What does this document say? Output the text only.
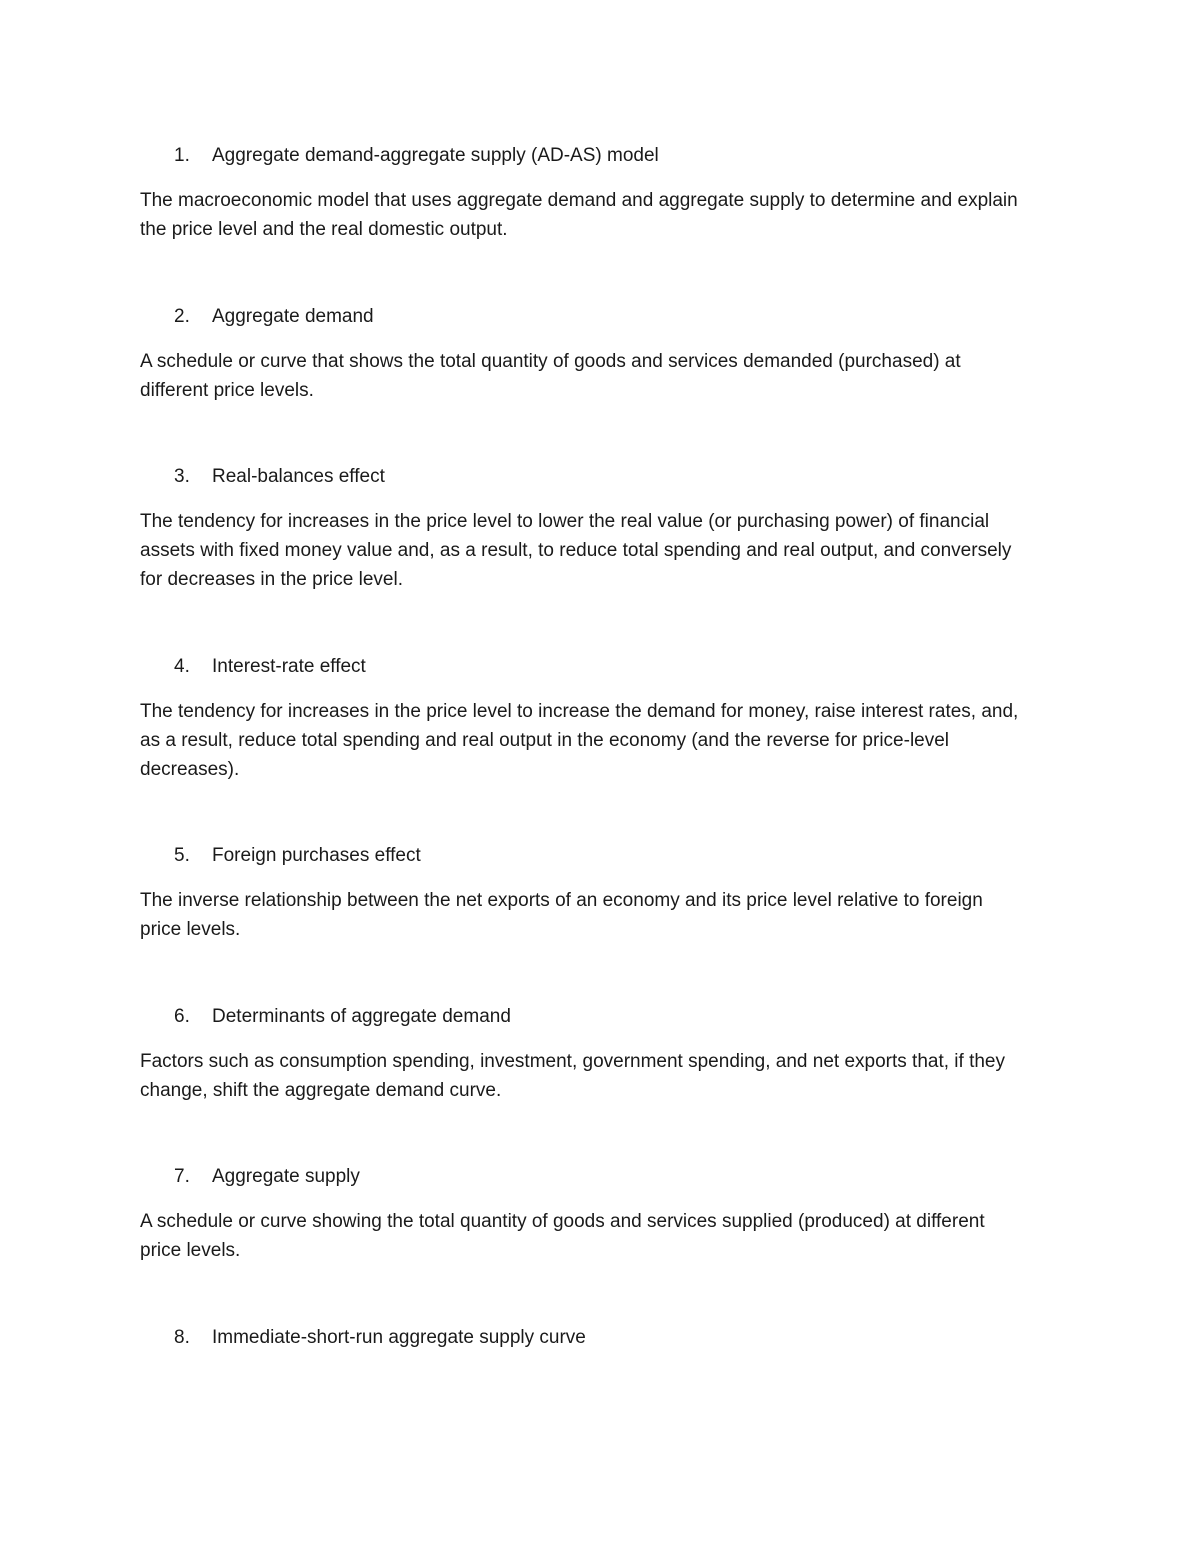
1. Aggregate demand-aggregate supply (AD-AS) model
The macroeconomic model that uses aggregate demand and aggregate supply to determine and explain
the price level and the real domestic output.
2. Aggregate demand
A schedule or curve that shows the total quantity of goods and services demanded (purchased) at
different price levels.
3. Real-balances effect
The tendency for increases in the price level to lower the real value (or purchasing power) of financial
assets with fixed money value and, as a result, to reduce total spending and real output, and conversely
for decreases in the price level.
4. Interest-rate effect
The tendency for increases in the price level to increase the demand for money, raise interest rates, and,
as a result, reduce total spending and real output in the economy (and the reverse for price-level
decreases).
5. Foreign purchases effect
The inverse relationship between the net exports of an economy and its price level relative to foreign
price levels.
6. Determinants of aggregate demand
Factors such as consumption spending, investment, government spending, and net exports that, if they
change, shift the aggregate demand curve.
7. Aggregate supply
A schedule or curve showing the total quantity of goods and services supplied (produced) at different
price levels.
8. Immediate-short-run aggregate supply curve
